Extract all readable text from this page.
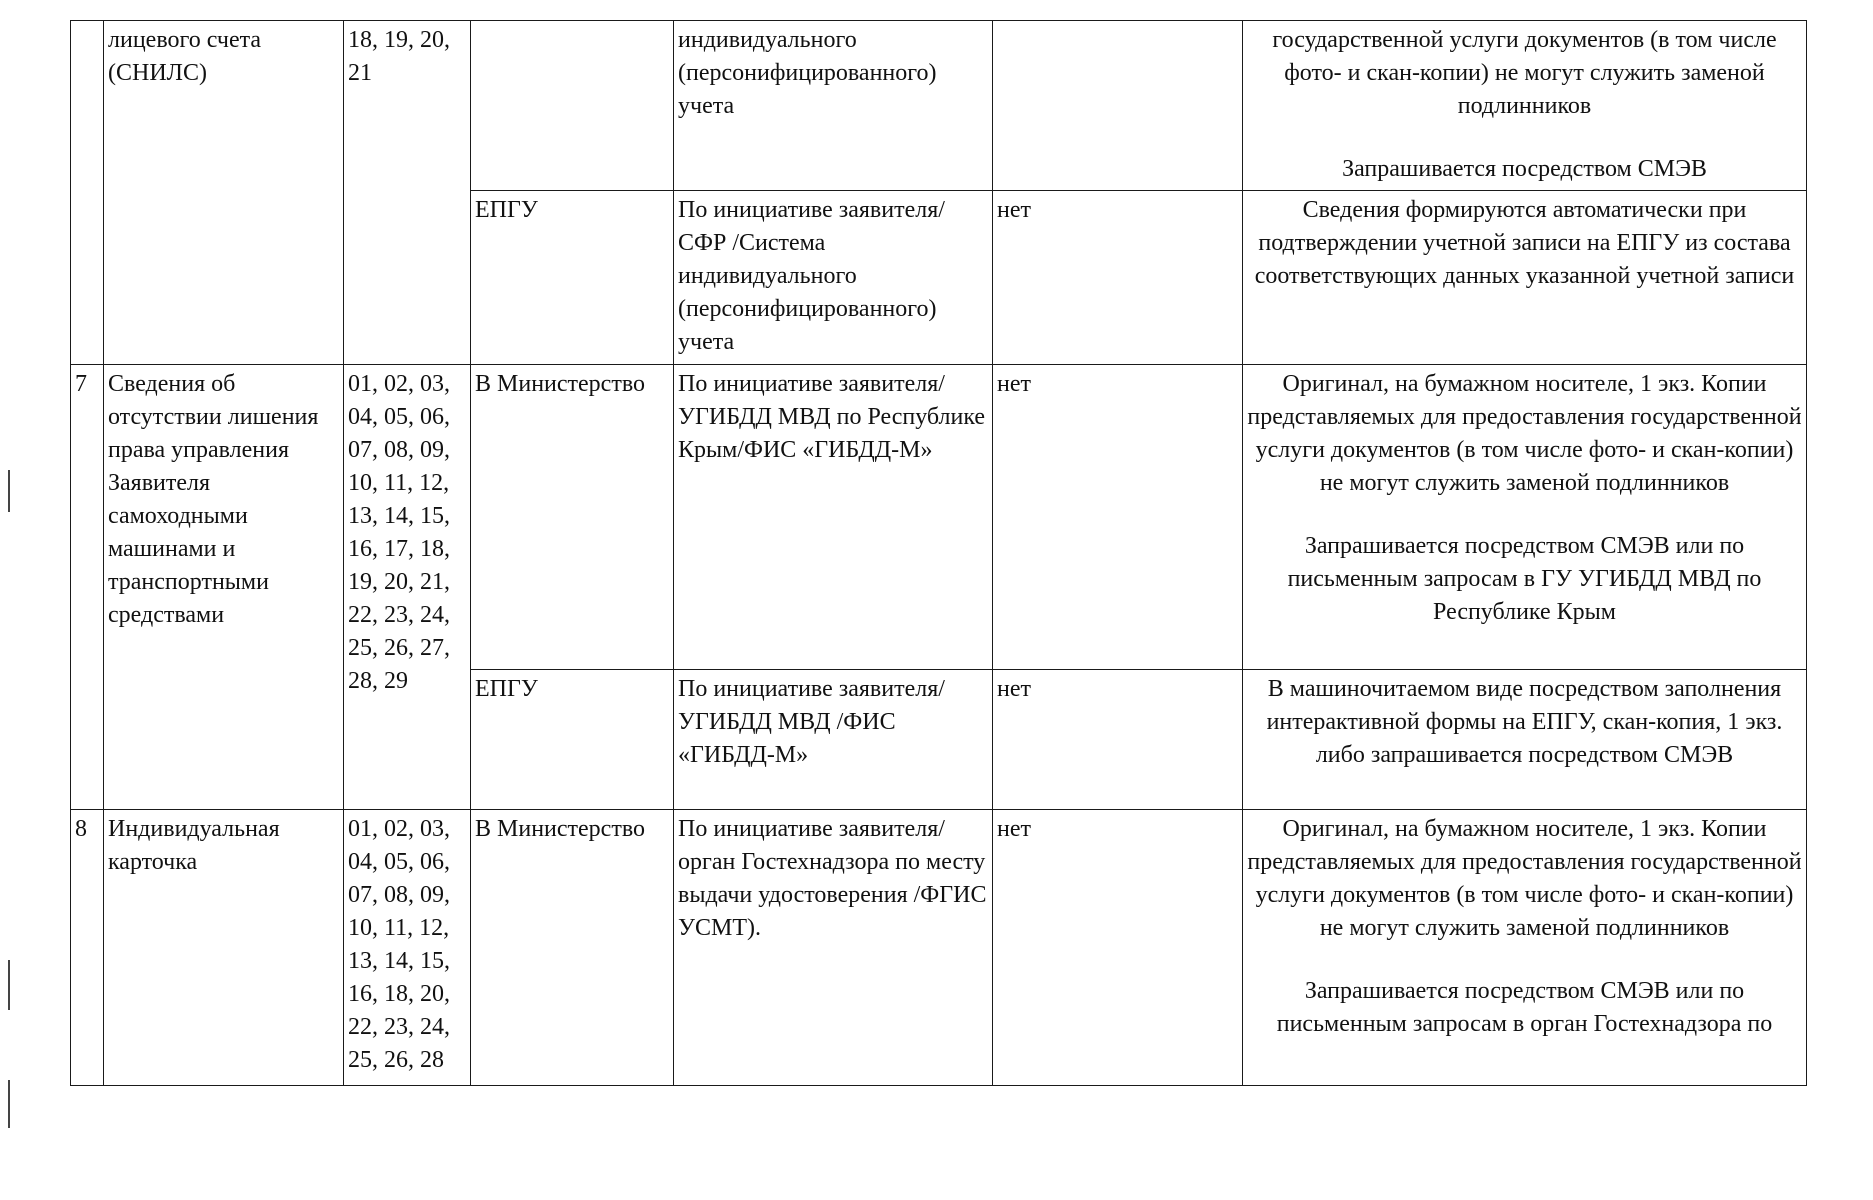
	лицевого счета (СНИЛС)	18, 19, 20, 21		индивидуального (персонифицированного) учета		государственной услуги документов (в том числе фото- и скан-копии) не могут служить заменой подлинников
Запрашивается посредством СМЭВ

			ЕПГУ	По инициативе заявителя/ СФР /Система индивидуального (персонифицированного) учета	нет	Сведения формируются автоматически при подтверждении учетной записи на ЕПГУ из состава соответствующих данных указанной учетной записи

7	Сведения об отсутствии лишения права управления Заявителя самоходными машинами и транспортными средствами	01, 02, 03, 04, 05, 06, 07, 08, 09, 10, 11, 12, 13, 14, 15, 16, 17, 18, 19, 20, 21, 22, 23, 24, 25, 26, 27, 28, 29	В Министерство	По инициативе заявителя/ УГИБДД МВД по Республике Крым/ФИС «ГИБДД-М»	нет	Оригинал, на бумажном носителе, 1 экз. Копии представляемых для предоставления государственной услуги документов (в том числе фото- и скан-копии) не могут служить заменой подлинников
Запрашивается посредством СМЭВ или по письменным запросам в ГУ УГИБДД МВД по Республике Крым

			ЕПГУ	По инициативе заявителя/ УГИБДД МВД /ФИС «ГИБДД-М»	нет	В машиночитаемом виде посредством заполнения интерактивной формы на ЕПГУ, скан-копия, 1 экз. либо запрашивается посредством СМЭВ

8	Индивидуальная карточка	01, 02, 03, 04, 05, 06, 07, 08, 09, 10, 11, 12, 13, 14, 15, 16, 18, 20, 22, 23, 24, 25, 26, 28	В Министерство	По инициативе заявителя/ орган Гостехнадзора по месту выдачи удостоверения /ФГИС УСМТ).	нет	Оригинал, на бумажном носителе, 1 экз. Копии представляемых для предоставления государственной услуги документов (в том числе фото- и скан-копии) не могут служить заменой подлинников
Запрашивается посредством СМЭВ или по письменным запросам в орган Гостехнадзора по
